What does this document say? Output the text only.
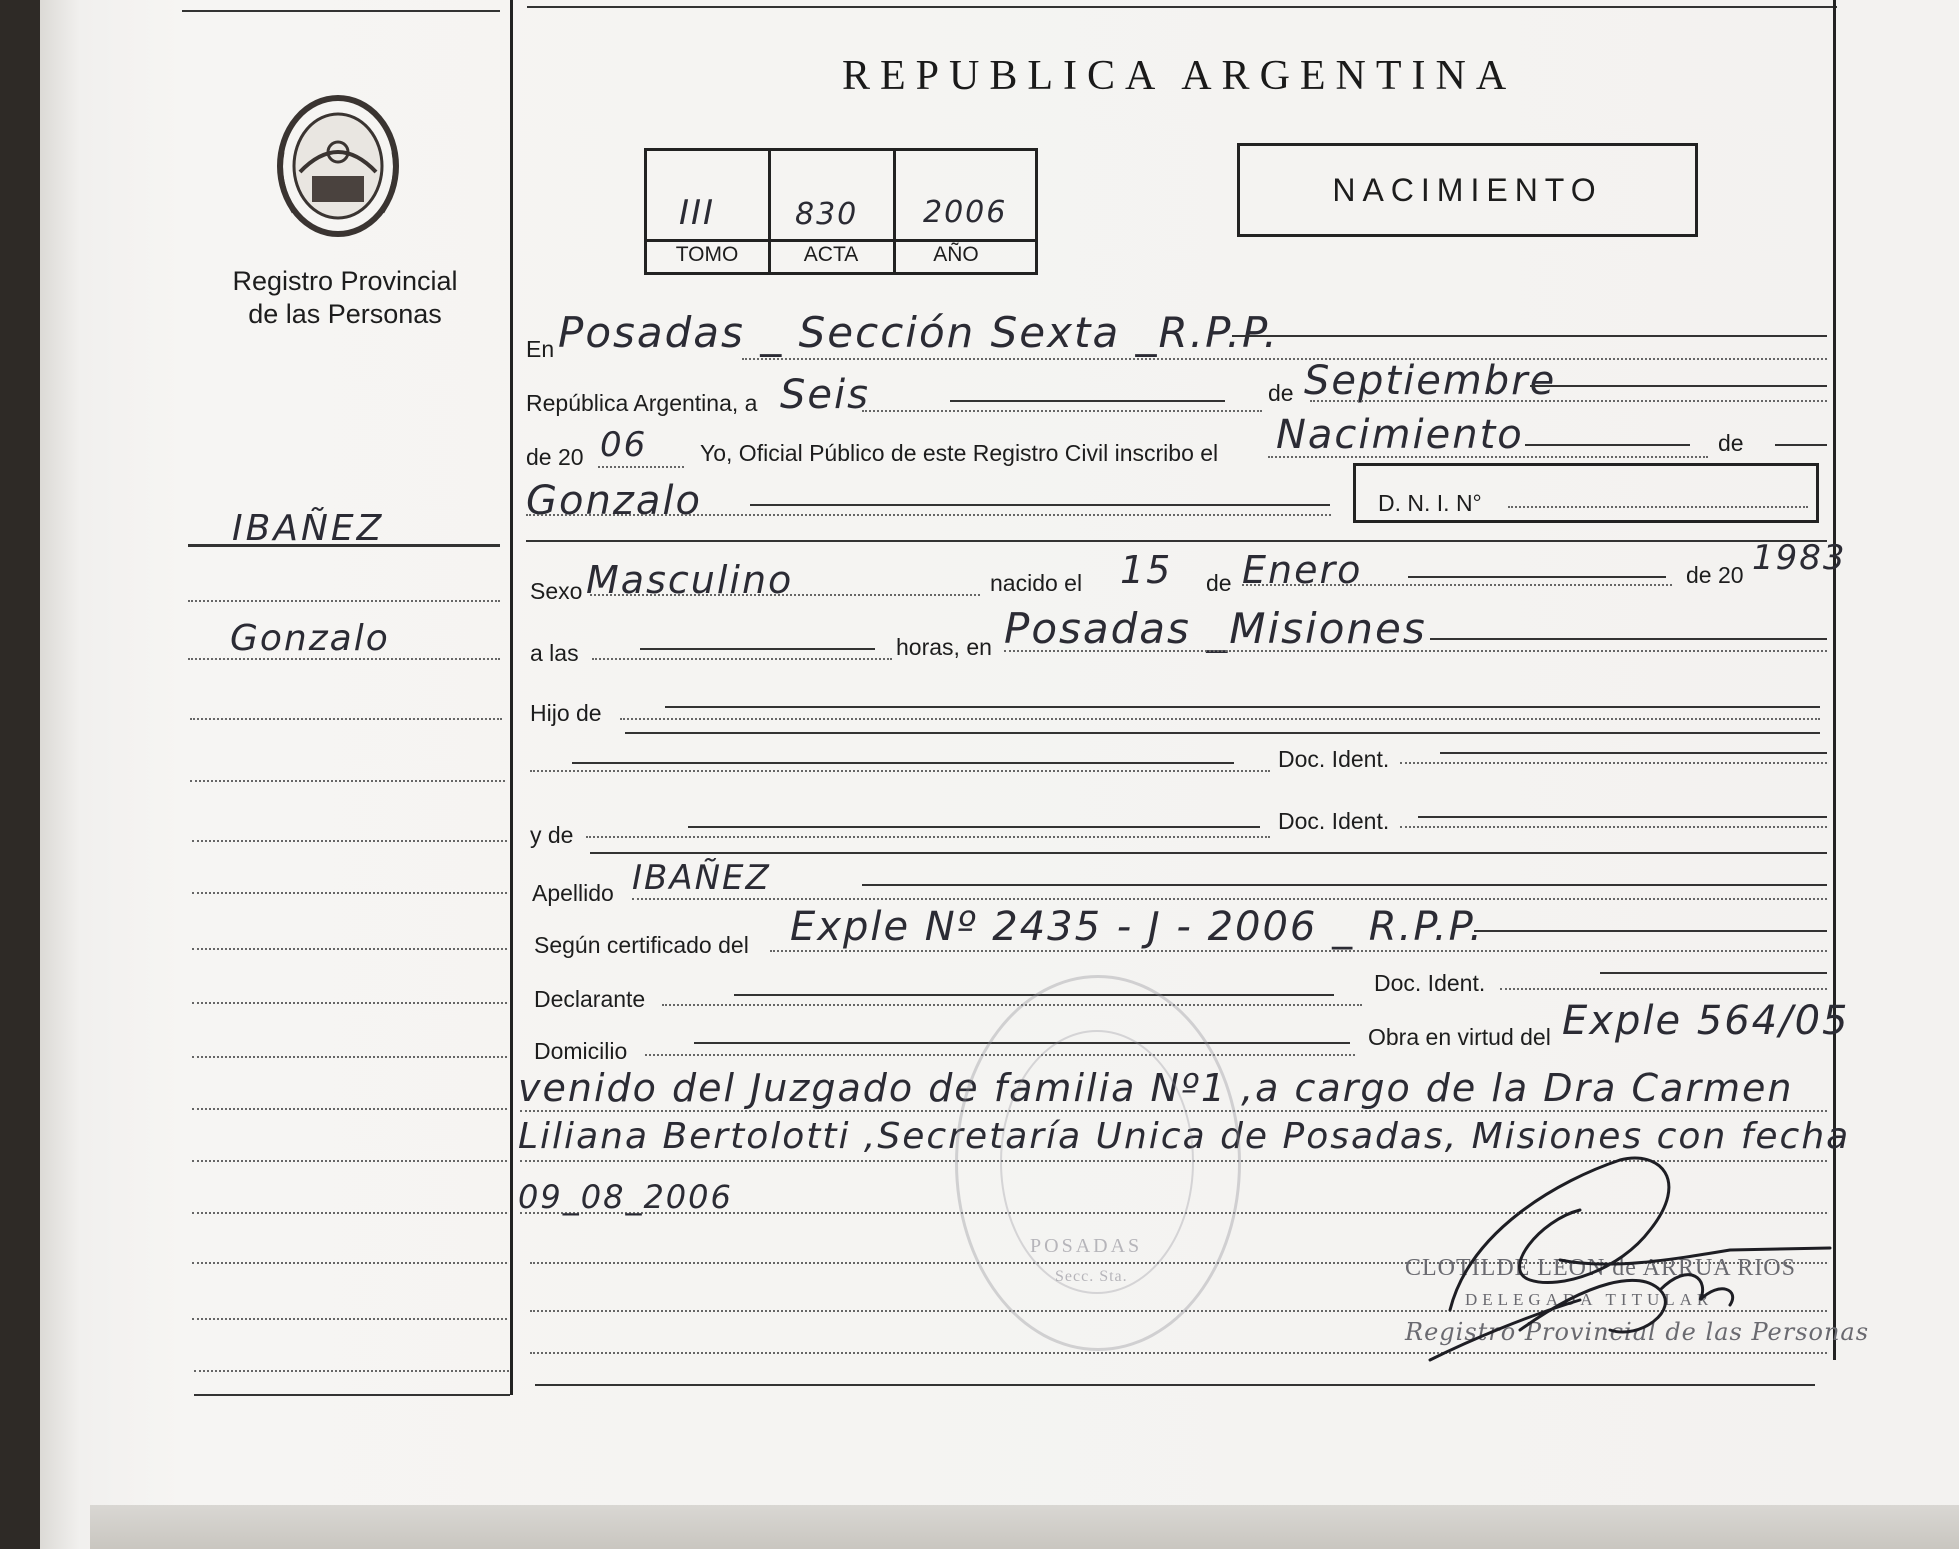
REPUBLICA ARGENTINA
Registro Provincial
de las Personas
III	830 2006
TOMO	ACTA	AÑO
NACIMIENTO
En Posadas _ Sección Sexta _R.P.P.
República Argentina, a Seis	de Septiembre
de 20 06 Yo, Oficial Público de este Registro Civil inscribo el Nacimiento	de
Gonzalo	D. N. I. N°
Sexo Masculino	nacido el 15 de Enero	de 20 1983
a las	horas, en Posadas _Misiones
Hijo de
Doc. Ident.
y de
Doc. Ident.
Apellido IBAÑEZ
Según certificado del Exple Nº 2435 - J - 2006 _ R.P.P.
Declarante
Doc. Ident.
Domicilio
Obra en virtud del Exple 564/05
venido del Juzgado de familia Nº1 ,a cargo de la Dra Carmen
Liliana Bertolotti ,Secretaría Unica de Posadas, Misiones con fecha
09_08_2006
IBAÑEZ
Gonzalo
POSADAS
Secc. Sta.	CLOTILDE LEON de ARRUA RIOS
DELEGADA TITULAR
Registro Provincial de las Personas
